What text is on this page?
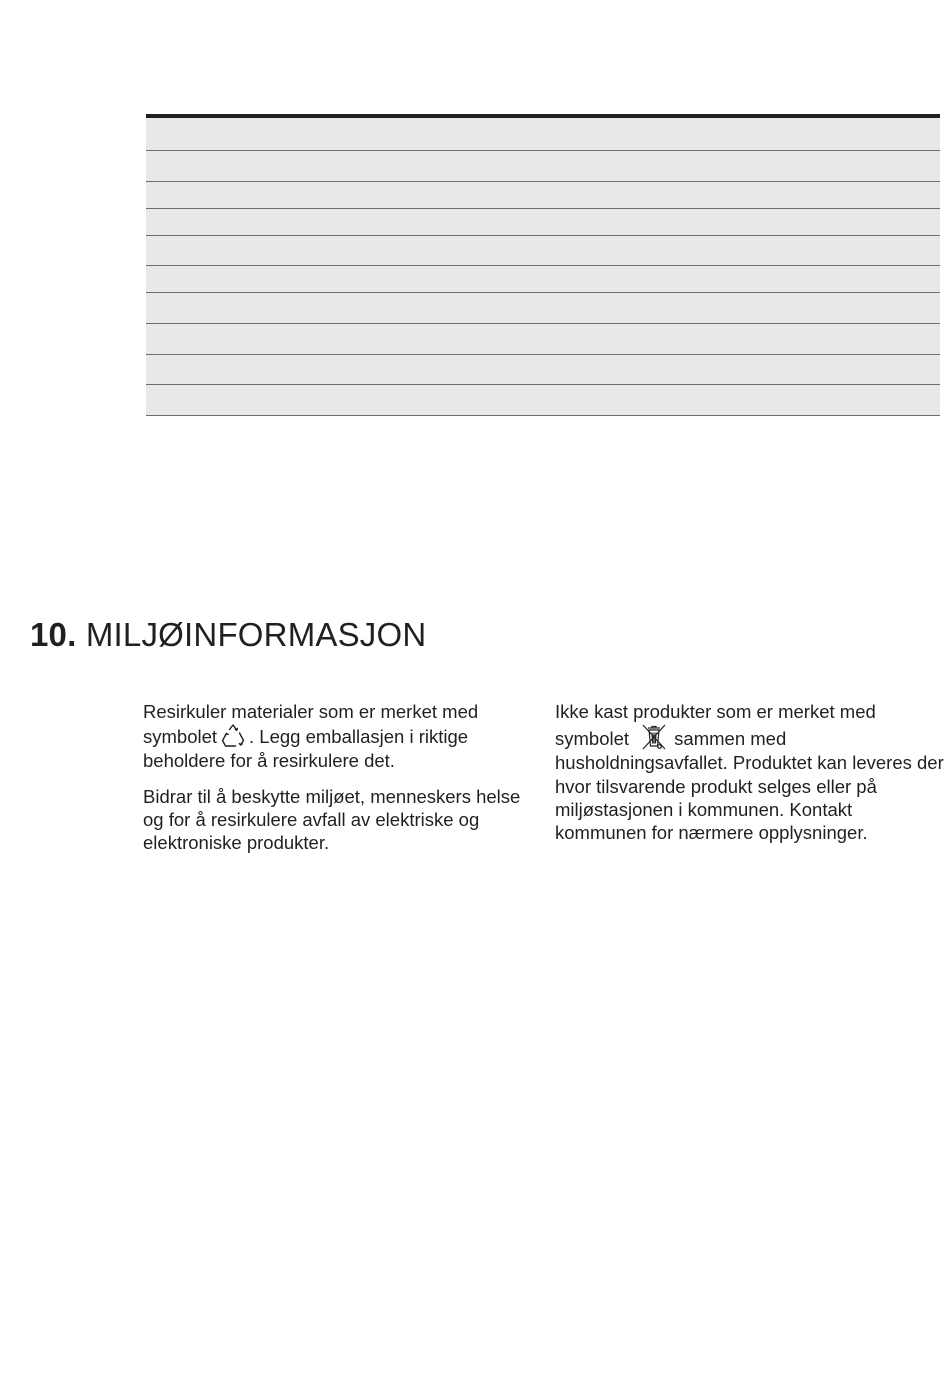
10. MILJØINFORMASJON

Resirkuler materialer som er merket med symbolet . Legg emballasjen i riktige beholdere for å resirkulere det.

Bidrar til å beskytte miljøet, menneskers helse og for å resirkulere avfall av elektriske og elektroniske produkter.

Ikke kast produkter som er merket med symbolet sammen med husholdningsavfallet. Produktet kan leveres der hvor tilsvarende produkt selges eller på miljøstasjonen i kommunen. Kontakt kommunen for nærmere opplysninger.
